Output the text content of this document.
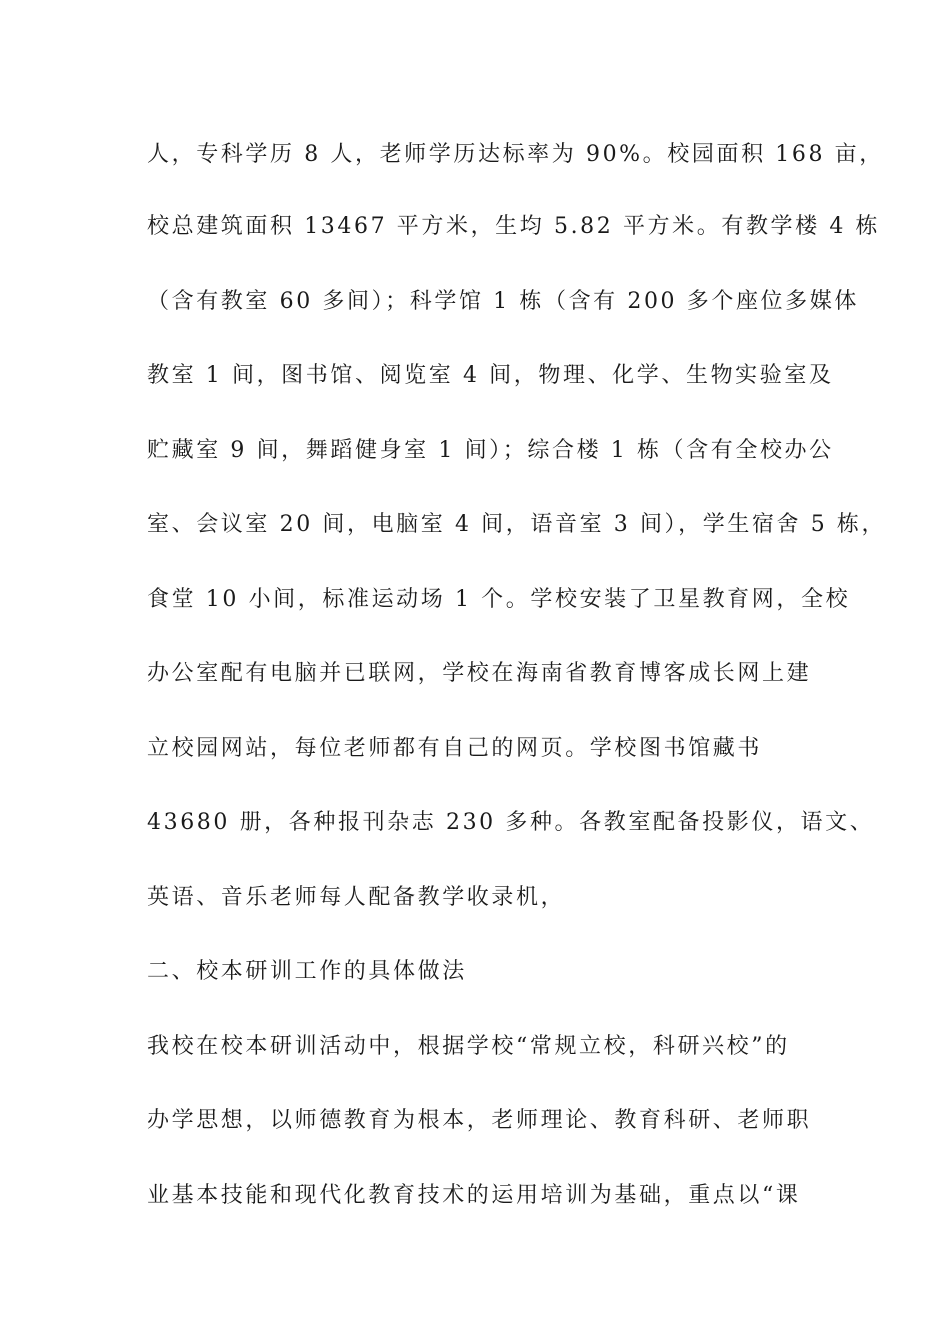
人，专科学历 8 人，老师学历达标率为 90%。校园面积 168 亩，
校总建筑面积 13467 平方米，生均 5.82 平方米。有教学楼 4 栋
（含有教室 60 多间）；科学馆 1 栋（含有 200 多个座位多媒体
教室 1 间，图书馆、阅览室 4 间，物理、化学、生物实验室及
贮藏室 9 间，舞蹈健身室 1 间）；综合楼 1 栋（含有全校办公
室、会议室 20 间，电脑室 4 间，语音室 3 间），学生宿舍 5 栋，
食堂 10 小间，标准运动场 1 个。学校安装了卫星教育网，全校
办公室配有电脑并已联网，学校在海南省教育博客成长网上建
立校园网站，每位老师都有自己的网页。学校图书馆藏书
43680 册，各种报刊杂志 230 多种。各教室配备投影仪，语文、
英语、音乐老师每人配备教学收录机，
二、校本研训工作的具体做法
我校在校本研训活动中，根据学校“常规立校，科研兴校”的
办学思想，以师德教育为根本，老师理论、教育科研、老师职
业基本技能和现代化教育技术的运用培训为基础，重点以“课
